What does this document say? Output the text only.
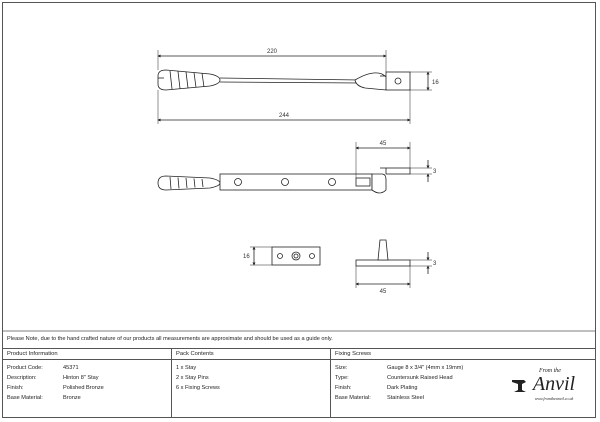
220
244
16
45
3
16
3
45
Please Note, due to the hand crafted nature of our products all measurements are approximate and should be used as a guide only.
Product Information
Product Code:	45371
Description:	Hinton 8" Stay
Finish:	Polished Bronze
Base Material:	Bronze
Pack Contents
1 x Stay
2 x Stay Pins
6 x Fixing Screws
Fixing Screws
Size:	Gauge 8 x 3/4" (4mm x 19mm)
Type:	Countersunk Raised Head
Finish:	Dark Plating
Base Material:	Stainless Steel
From the
Anvil
www.fromtheanvil.co.uk
